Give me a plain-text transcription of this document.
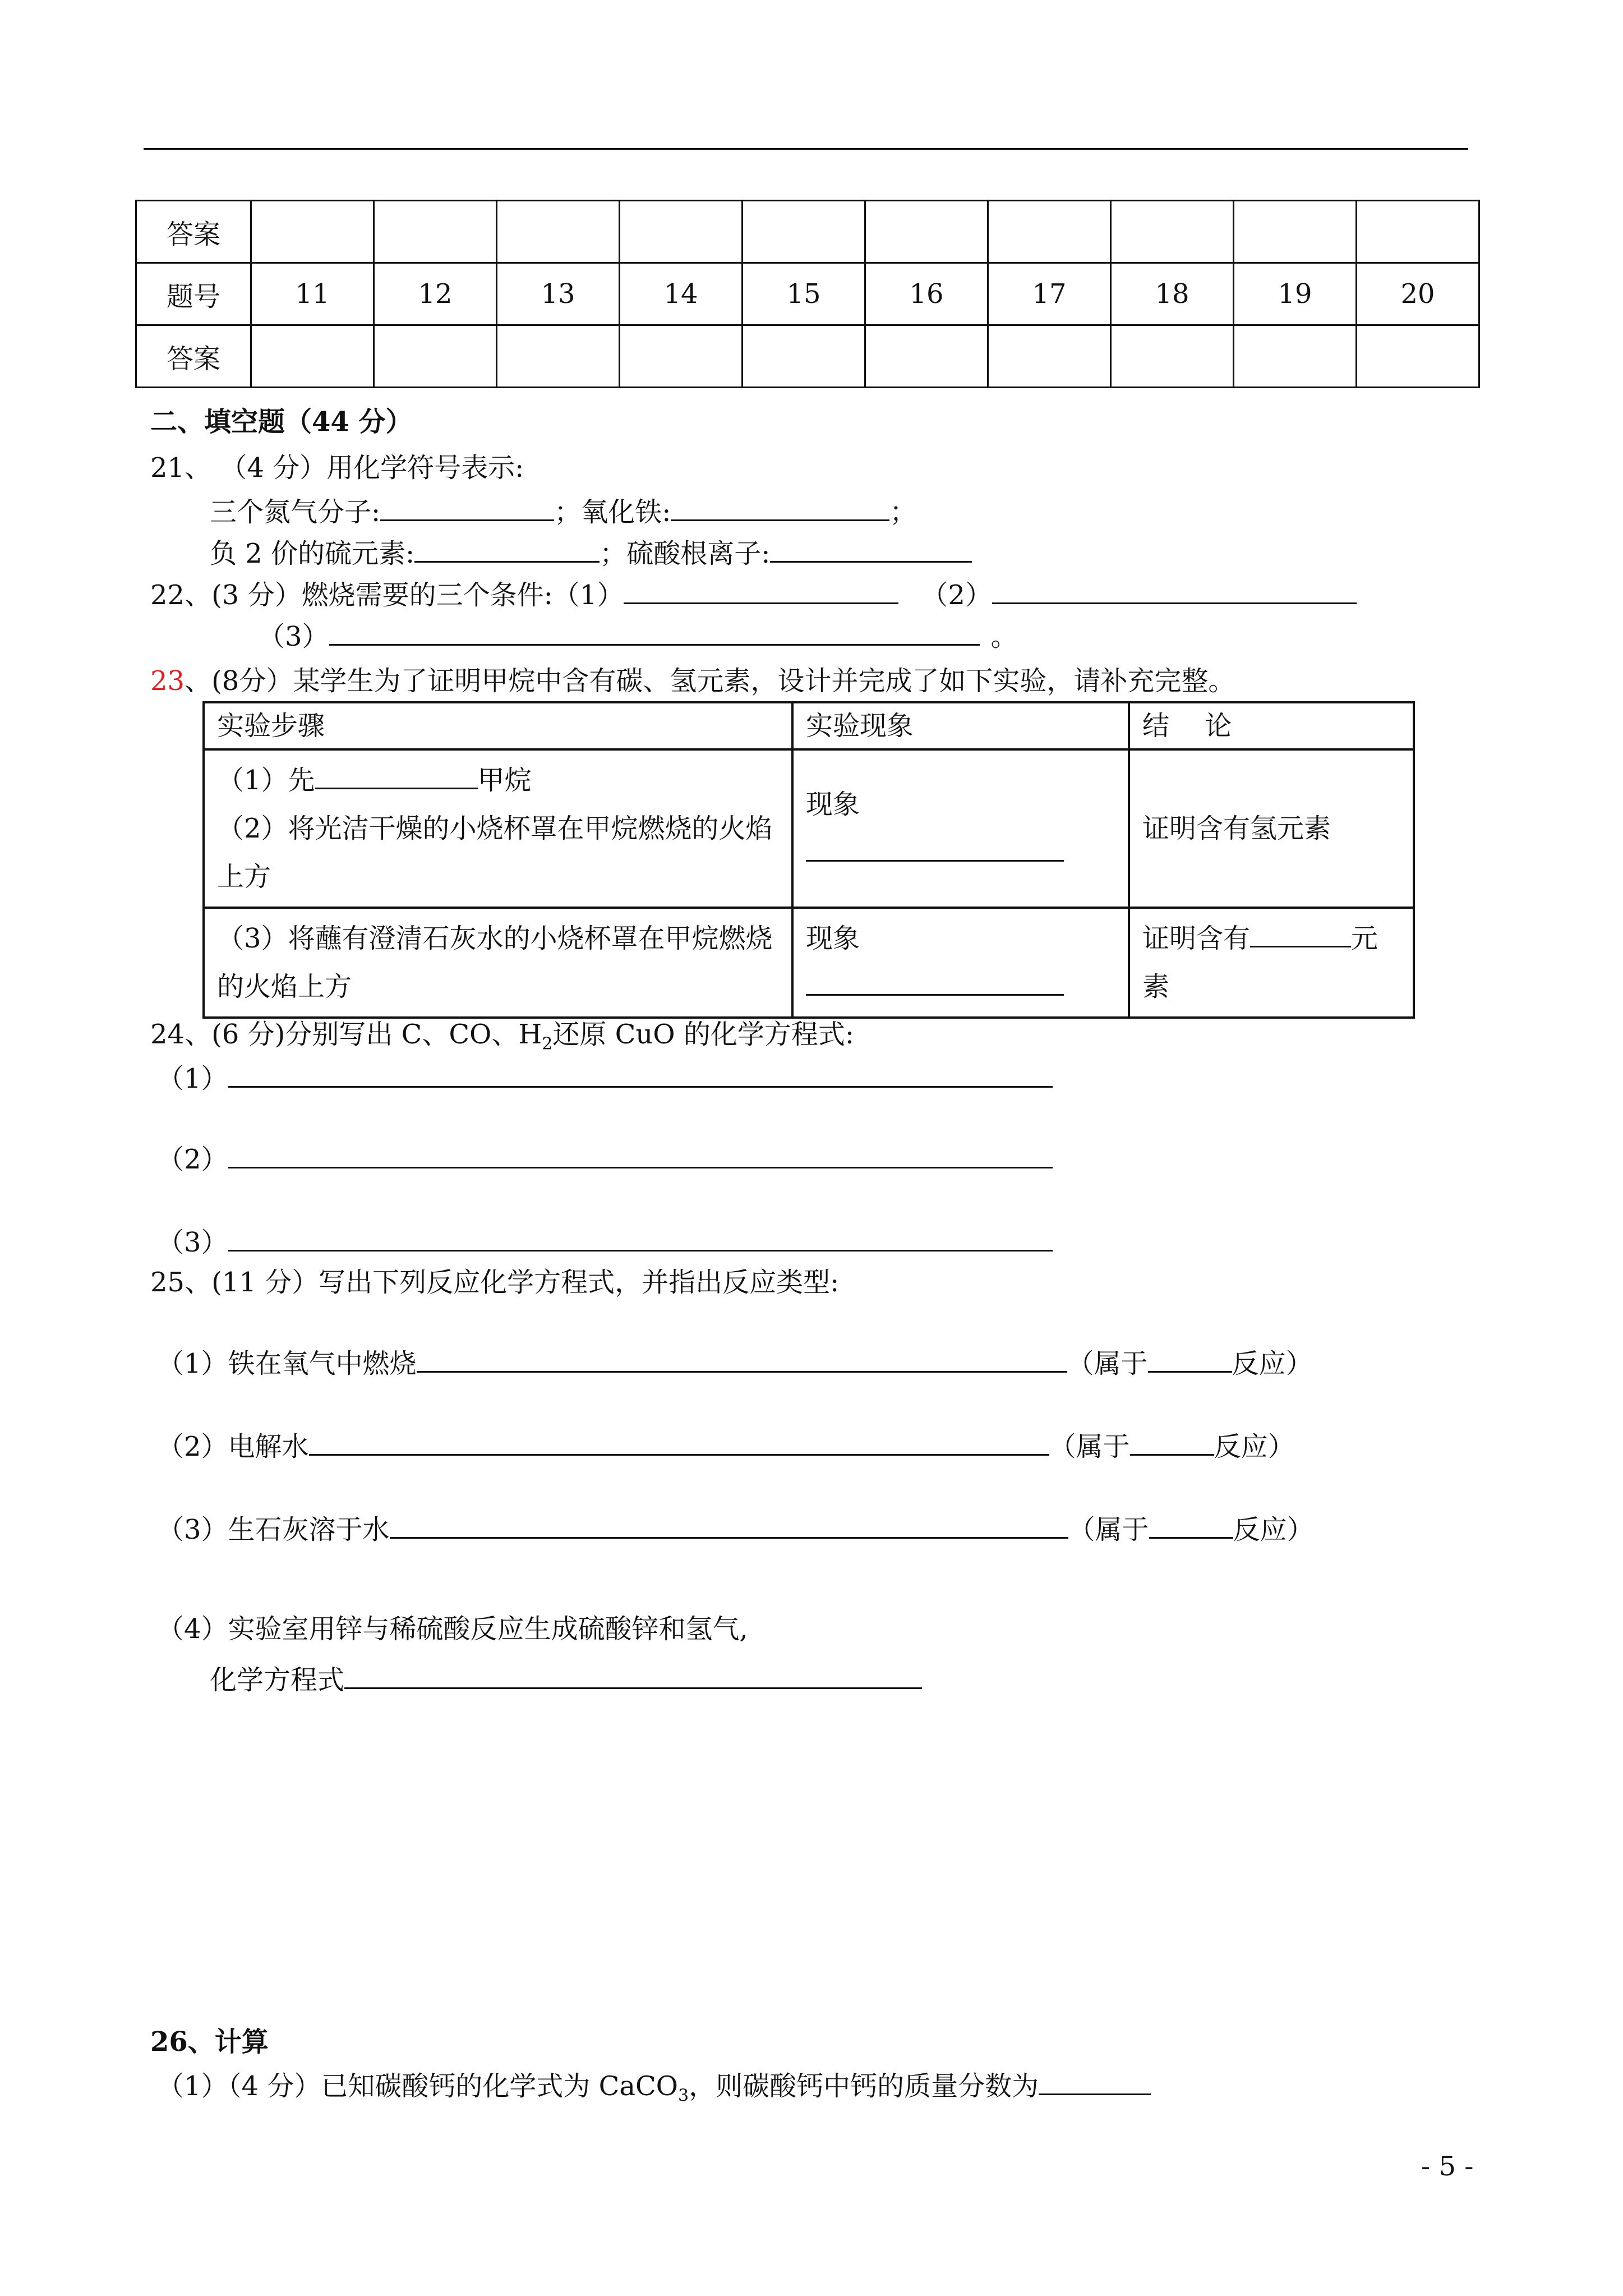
答案										
题号	11	12	13	14	15	16	17	18	19	20
答案										
二、填空题（44 分）
21、 （4 分）用化学符号表示:
三个氮气分子:	；氧化铁:	；
负 2 价的硫元素:	；硫酸根离子:
22、(3 分）燃烧需要的三个条件:（1）	（2）
（3）	。
23、(8分）某学生为了证明甲烷中含有碳、氢元素，设计并完成了如下实验，请补充完整。
实验步骤	实验现象	结　 论

（1）先 甲烷
（2）将光洁干燥的小烧杯罩在甲烷燃烧的火焰上方	现象	证明含有氢元素
（3）将蘸有澄清石灰水的小烧杯罩在甲烷燃烧的火焰上方	现象	证明含有 元素
24、(6 分)分别写出 C、CO、$H_2$还原 CuO 的化学方程式:
（1）
（2）
（3）
25、(11 分）写出下列反应化学方程式，并指出反应类型:
（1）铁在氧气中燃烧	（属于	反应）
（2）电解水	（属于	反应）
（3）生石灰溶于水	（属于	反应）
（4）实验室用锌与稀硫酸反应生成硫酸锌和氢气,
化学方程式
26、计算
（1）（4 分）已知碳酸钙的化学式为 CaCO$_3$，则碳酸钙中钙的质量分数为
- 5 -
